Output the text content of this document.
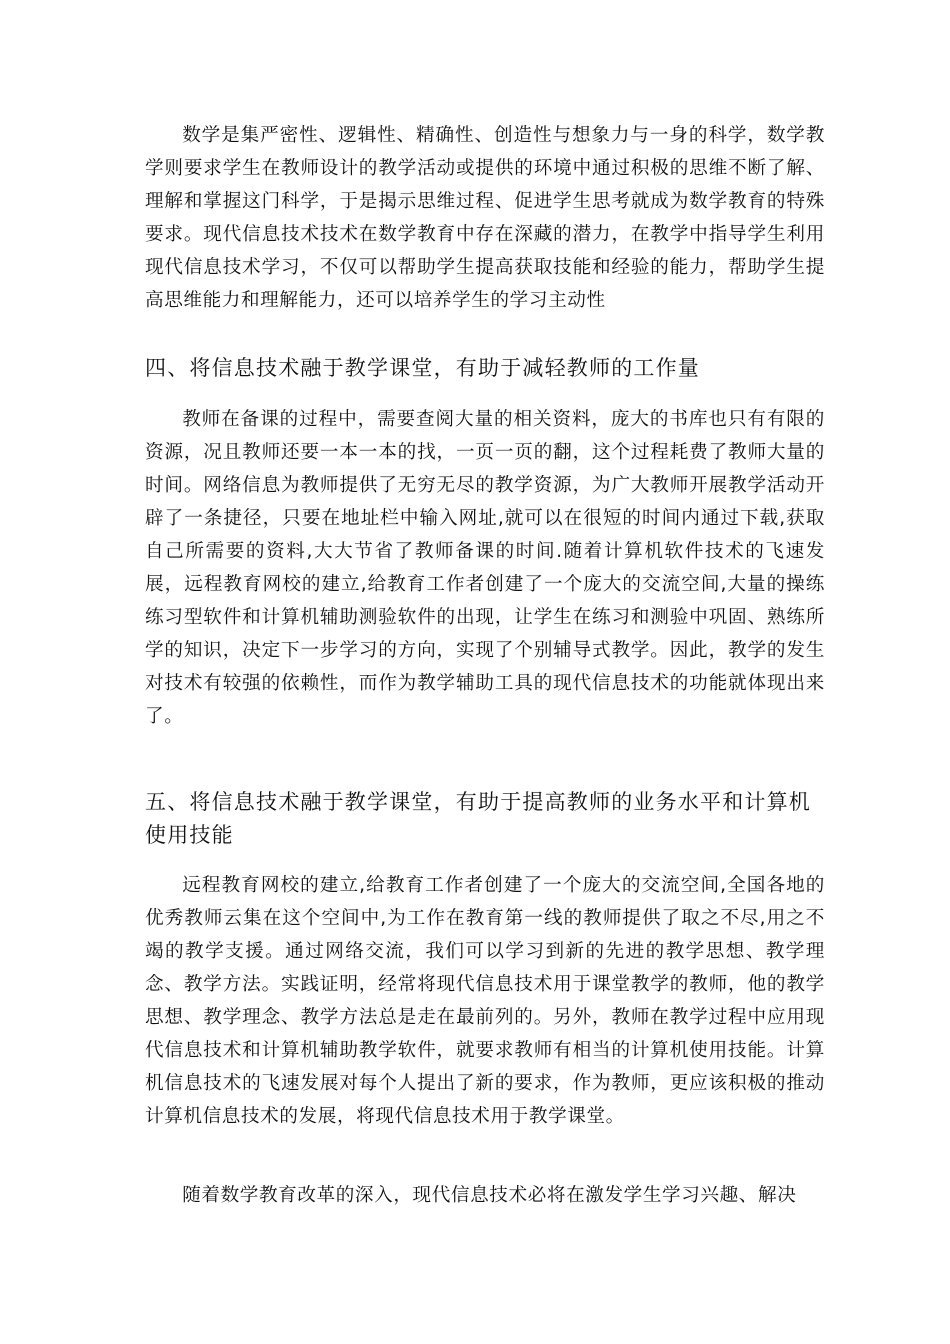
数学是集严密性、逻辑性、精确性、创造性与想象力与一身的科学，数学教学则要求学生在教师设计的教学活动或提供的环境中通过积极的思维不断了解、理解和掌握这门科学，于是揭示思维过程、促进学生思考就成为数学教育的特殊要求。现代信息技术技术在数学教育中存在深藏的潜力，在教学中指导学生利用现代信息技术学习，不仅可以帮助学生提高获取技能和经验的能力，帮助学生提高思维能力和理解能力，还可以培养学生的学习主动性

四、将信息技术融于教学课堂，有助于减轻教师的工作量

教师在备课的过程中，需要查阅大量的相关资料，庞大的书库也只有有限的资源，况且教师还要一本一本的找，一页一页的翻，这个过程耗费了教师大量的时间。网络信息为教师提供了无穷无尽的教学资源，为广大教师开展教学活动开辟了一条捷径，只要在地址栏中输入网址,就可以在很短的时间内通过下载,获取自己所需要的资料,大大节省了教师备课的时间.随着计算机软件技术的飞速发展，远程教育网校的建立,给教育工作者创建了一个庞大的交流空间,大量的操练练习型软件和计算机辅助测验软件的出现，让学生在练习和测验中巩固、熟练所学的知识，决定下一步学习的方向，实现了个别辅导式教学。因此，教学的发生对技术有较强的依赖性，而作为教学辅助工具的现代信息技术的功能就体现出来了。

五、将信息技术融于教学课堂，有助于提高教师的业务水平和计算机使用技能

远程教育网校的建立,给教育工作者创建了一个庞大的交流空间,全国各地的优秀教师云集在这个空间中,为工作在教育第一线的教师提供了取之不尽,用之不竭的教学支援。通过网络交流，我们可以学习到新的先进的教学思想、教学理念、教学方法。实践证明，经常将现代信息技术用于课堂教学的教师，他的教学思想、教学理念、教学方法总是走在最前列的。另外，教师在教学过程中应用现代信息技术和计算机辅助教学软件，就要求教师有相当的计算机使用技能。计算机信息技术的飞速发展对每个人提出了新的要求，作为教师，更应该积极的推动计算机信息技术的发展，将现代信息技术用于教学课堂。

随着数学教育改革的深入，现代信息技术必将在激发学生学习兴趣、解决
